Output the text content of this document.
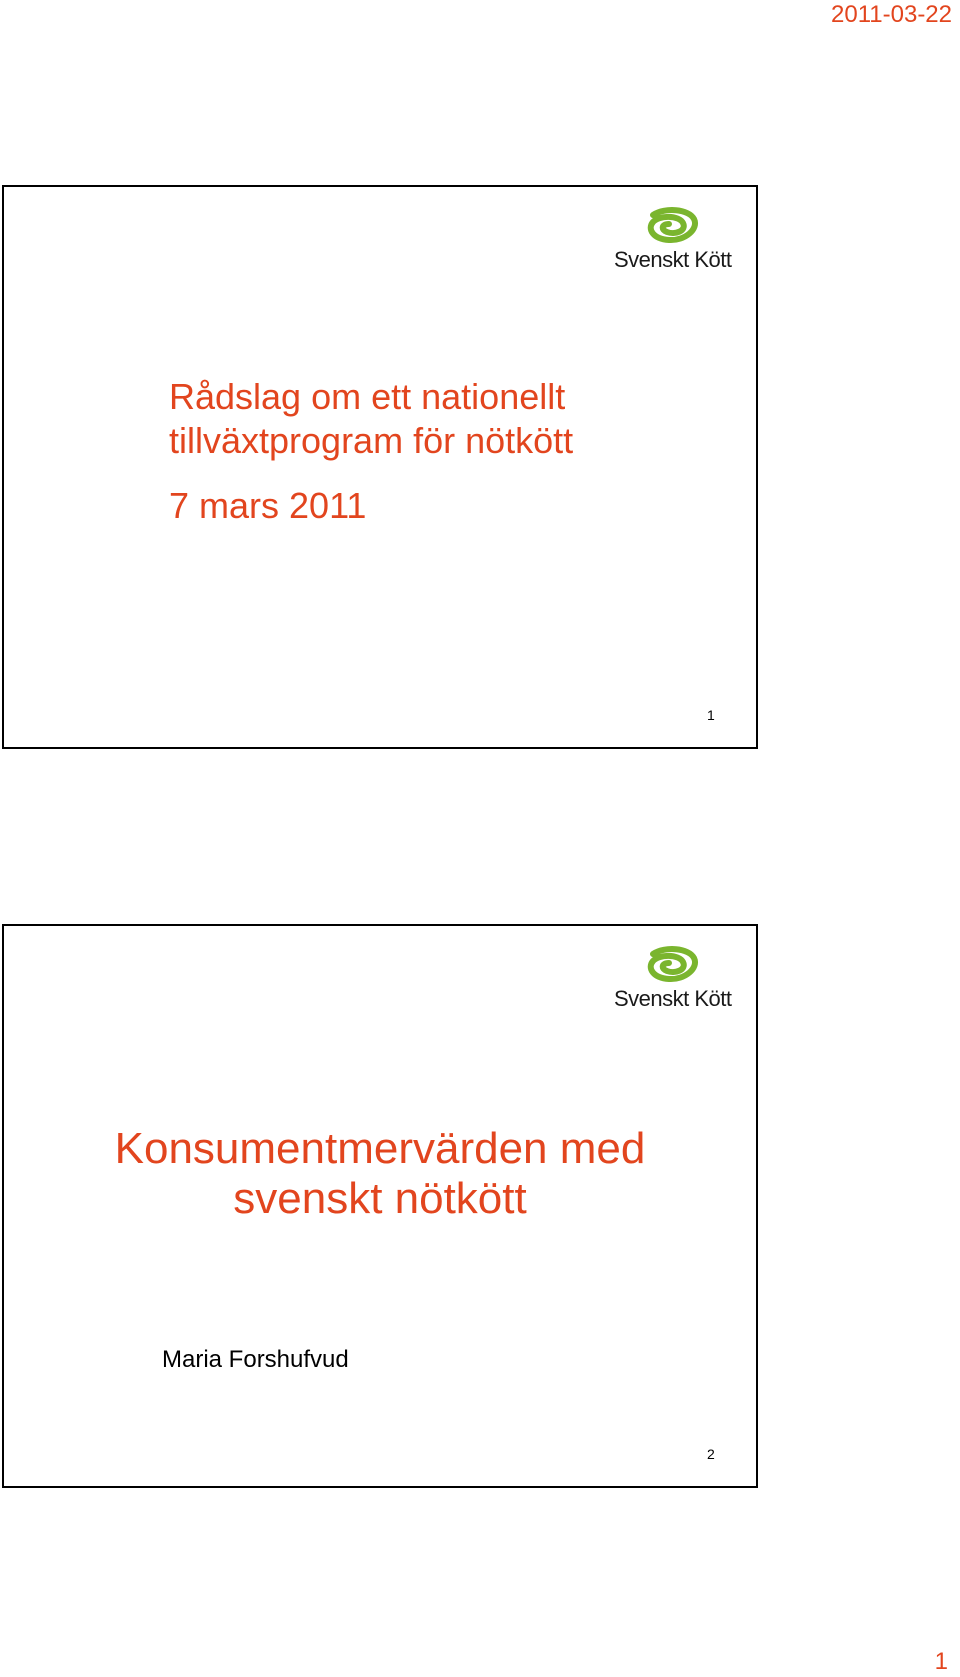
2011-03-22
Svenskt Kött
Rådslag om ett nationellt
tillväxtprogram för nötkött
7 mars 2011
1
Svenskt Kött
Konsumentmervärden med
svenskt nötkött
Maria Forshufvud
2
1
